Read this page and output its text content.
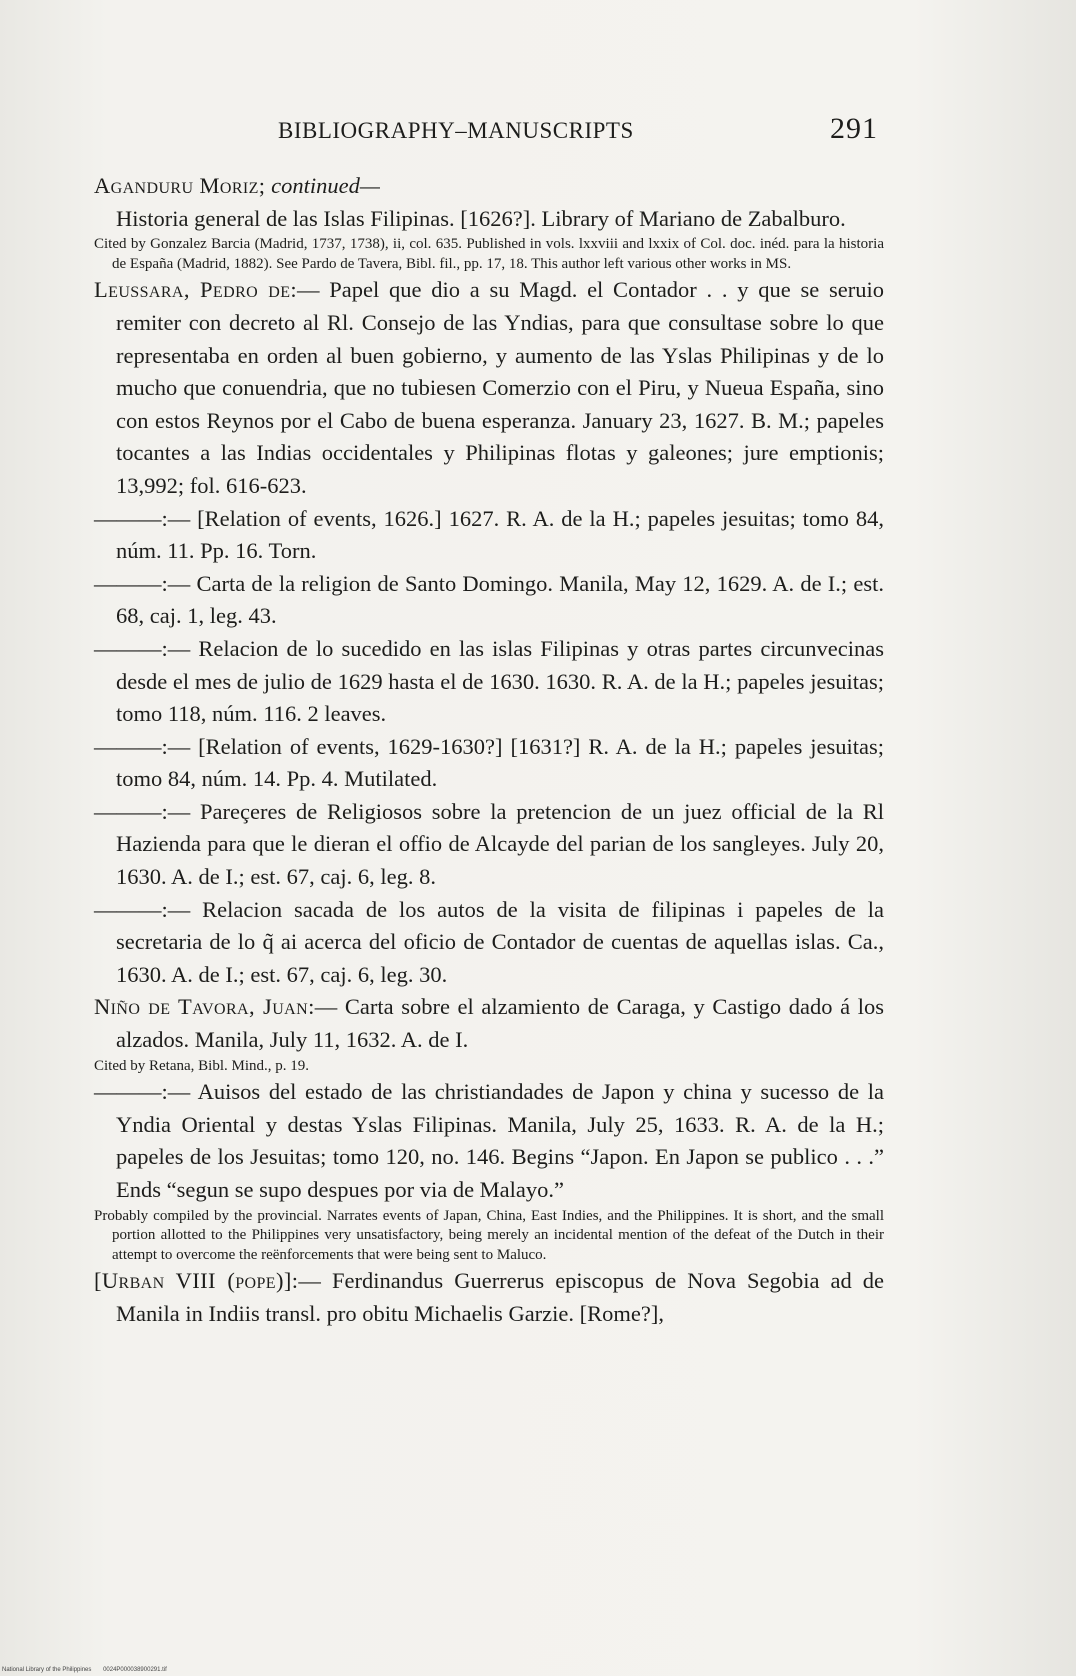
BIBLIOGRAPHY–MANUSCRIPTS	291

Aganduru Moriz; continued—

Historia general de las Islas Filipinas. [1626?]. Library of Mariano de Zabalburo.

Cited by Gonzalez Barcia (Madrid, 1737, 1738), ii, col. 635. Published in vols. lxxviii and lxxix of Col. doc. inéd. para la historia de España (Madrid, 1882). See Pardo de Tavera, Bibl. fil., pp. 17, 18. This author left various other works in MS.

Leussara, Pedro de:— Papel que dio a su Magd. el Contador . . y que se seruio remiter con decreto al Rl. Consejo de las Yndias, para que consultase sobre lo que representaba en orden al buen gobierno, y aumento de las Yslas Philipinas y de lo mucho que conuendria, que no tubiesen Comerzio con el Piru, y Nueua España, sino con estos Reynos por el Cabo de buena esperanza. January 23, 1627. B. M.; papeles tocantes a las Indias occidentales y Philipinas flotas y galeones; jure emptionis; 13,992; fol. 616-623.

———:— [Relation of events, 1626.] 1627. R. A. de la H.; papeles jesuitas; tomo 84, núm. 11. Pp. 16. Torn.

———:— Carta de la religion de Santo Domingo. Manila, May 12, 1629. A. de I.; est. 68, caj. 1, leg. 43.

———:— Relacion de lo sucedido en las islas Filipinas y otras partes circunvecinas desde el mes de julio de 1629 hasta el de 1630. 1630. R. A. de la H.; papeles jesuitas; tomo 118, núm. 116. 2 leaves.

———:— [Relation of events, 1629-1630?] [1631?] R. A. de la H.; papeles jesuitas; tomo 84, núm. 14. Pp. 4. Mutilated.

———:— Pareçeres de Religiosos sobre la pretencion de un juez official de la Rl Hazienda para que le dieran el offio de Alcayde del parian de los sangleyes. July 20, 1630. A. de I.; est. 67, caj. 6, leg. 8.

———:— Relacion sacada de los autos de la visita de filipinas i papeles de la secretaria de lo q̃ ai acerca del oficio de Contador de cuentas de aquellas islas. Ca., 1630. A. de I.; est. 67, caj. 6, leg. 30.

Niño de Tavora, Juan:— Carta sobre el alzamiento de Caraga, y Castigo dado á los alzados. Manila, July 11, 1632. A. de I.

Cited by Retana, Bibl. Mind., p. 19.

———:— Auisos del estado de las christiandades de Japon y china y sucesso de la Yndia Oriental y destas Yslas Filipinas. Manila, July 25, 1633. R. A. de la H.; papeles de los Jesuitas; tomo 120, no. 146. Begins “Japon. En Japon se publico . . .” Ends “segun se supo despues por via de Malayo.”

Probably compiled by the provincial. Narrates events of Japan, China, East Indies, and the Philippines. It is short, and the small portion allotted to the Philippines very unsatisfactory, being merely an incidental mention of the defeat of the Dutch in their attempt to overcome the reënforcements that were being sent to Maluco.

[Urban VIII (pope)]:— Ferdinandus Guerrerus episcopus de Nova Segobia ad de Manila in Indiis transl. pro obitu Michaelis Garzie. [Rome?],

National Library of the Philippines 0024P000038900291.tif
